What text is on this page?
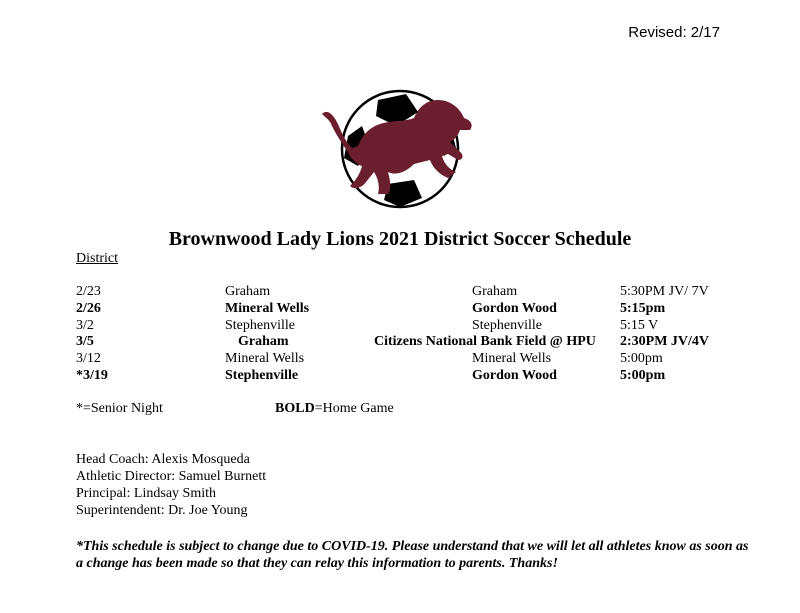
Revised: 2/17
Brownwood Lady Lions 2021 District Soccer Schedule
District
2/23	Graham	Graham	5:30PM JV/ 7V
2/26	Mineral Wells	Gordon Wood	5:15pm
3/2	Stephenville	Stephenville	5:15 V
3/5	Graham	Citizens National Bank Field @ HPU 2:30PM JV/4V
3/12	Mineral Wells	Mineral Wells	5:00pm
*3/19	Stephenville	Gordon Wood	5:00pm
*=Senior Night	BOLD=Home Game
Head Coach: Alexis Mosqueda
Athletic Director: Samuel Burnett
Principal: Lindsay Smith
Superintendent: Dr. Joe Young
*This schedule is subject to change due to COVID-19. Please understand that we will let all athletes know as soon as a change has been made so that they can relay this information to parents. Thanks!
